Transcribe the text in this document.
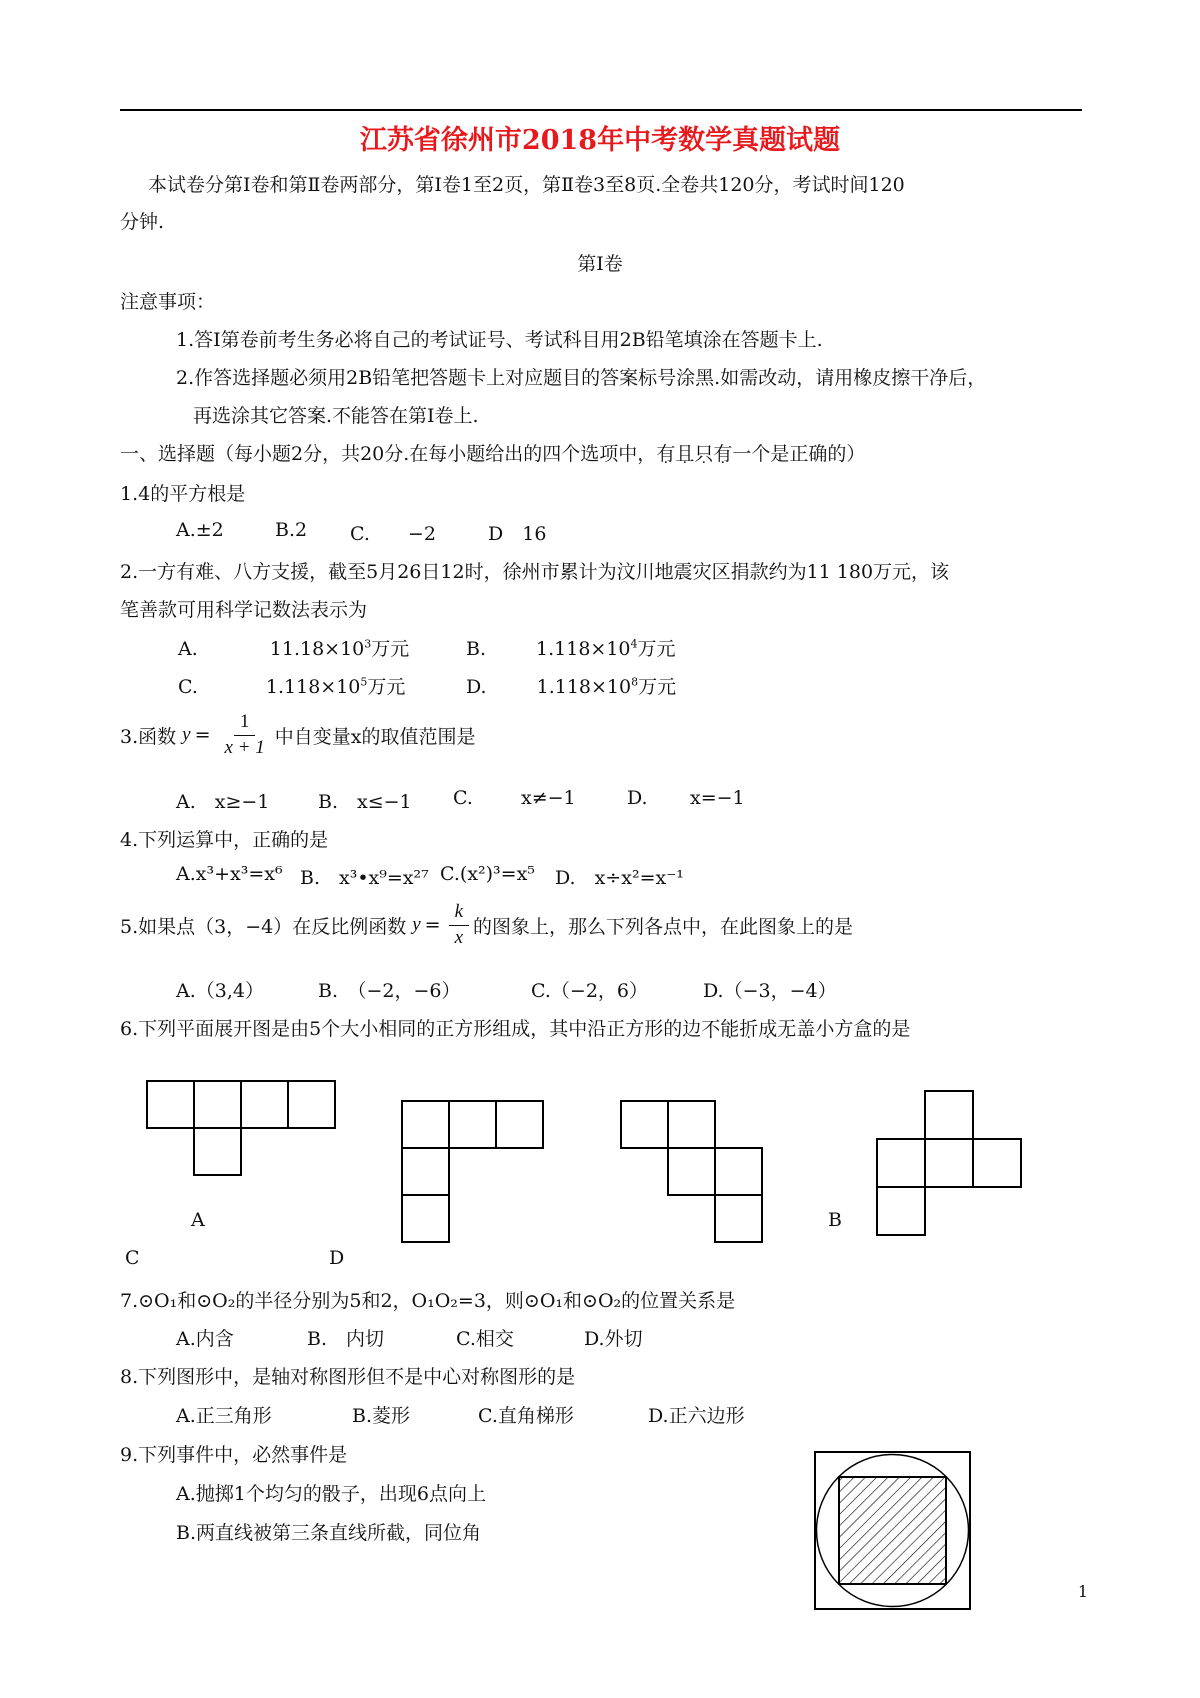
江苏省徐州市2018年中考数学真题试题
本试卷分第Ⅰ卷和第Ⅱ卷两部分，第Ⅰ卷1至2页，第Ⅱ卷3至8页.全卷共120分，考试时间120
分钟.
第Ⅰ卷
注意事项：
1.答Ⅰ第卷前考生务必将自己的考试证号、考试科目用2B铅笔填涂在答题卡上.
2.作答选择题必须用2B铅笔把答题卡上对应题目的答案标号涂黑.如需改动，请用橡皮擦干净后，
再选涂其它答案.不能答在第Ⅰ卷上.
一、选择题（每小题2分，共20分.在每小题给出的四个选项中，有且只有一个是正确的）
1.4的平方根是
A.±2	B.2 C.　　−2	D　16
2.一方有难、八方支援，截至5月26日12时，徐州市累计为汶川地震灾区捐款约为11 180万元，该
笔善款可用科学记数法表示为
A.	$11.18\times 10^3$万元	B.	$1.118\times 10^4$万元
C.	$1.118\times 10^5$万元	D.	$1.118\times 10^8$万元
3.函数 $y = \frac{1}{x + 1}$ 中自变量x的取值范围是
A.　x≥−1	B.　x≤−1 C.	x≠−1	D. x=−1
4.下列运算中，正确的是
A.x³+x³=x⁶ B.　x³•x⁹=x²⁷ C.(x²)³=x⁵ D.　x÷x²=x⁻¹
5.如果点（3，−4）在反比例函数 $y = \frac{k}{x}$ 的图象上，那么下列各点中，在此图象上的是
A.（3,4）	B.　（−2，−6）	C.（−2，6）	D.（−3，−4）
6.下列平面展开图是由5个大小相同的正方形组成，其中沿正方形的边不能折成无盖小方盒的是
A	B
C	D
7.⊙O₁和⊙O₂的半径分别为5和2，O₁O₂=3，则⊙O₁和⊙O₂的位置关系是
A.内含	B.　内切	C.相交	D.外切
8.下列图形中，是轴对称图形但不是中心对称图形的是
A.正三角形	B.菱形	C.直角梯形	D.正六边形
9.下列事件中，必然事件是
A.抛掷1个均匀的骰子，出现6点向上
B.两直线被第三条直线所截，同位角
1
